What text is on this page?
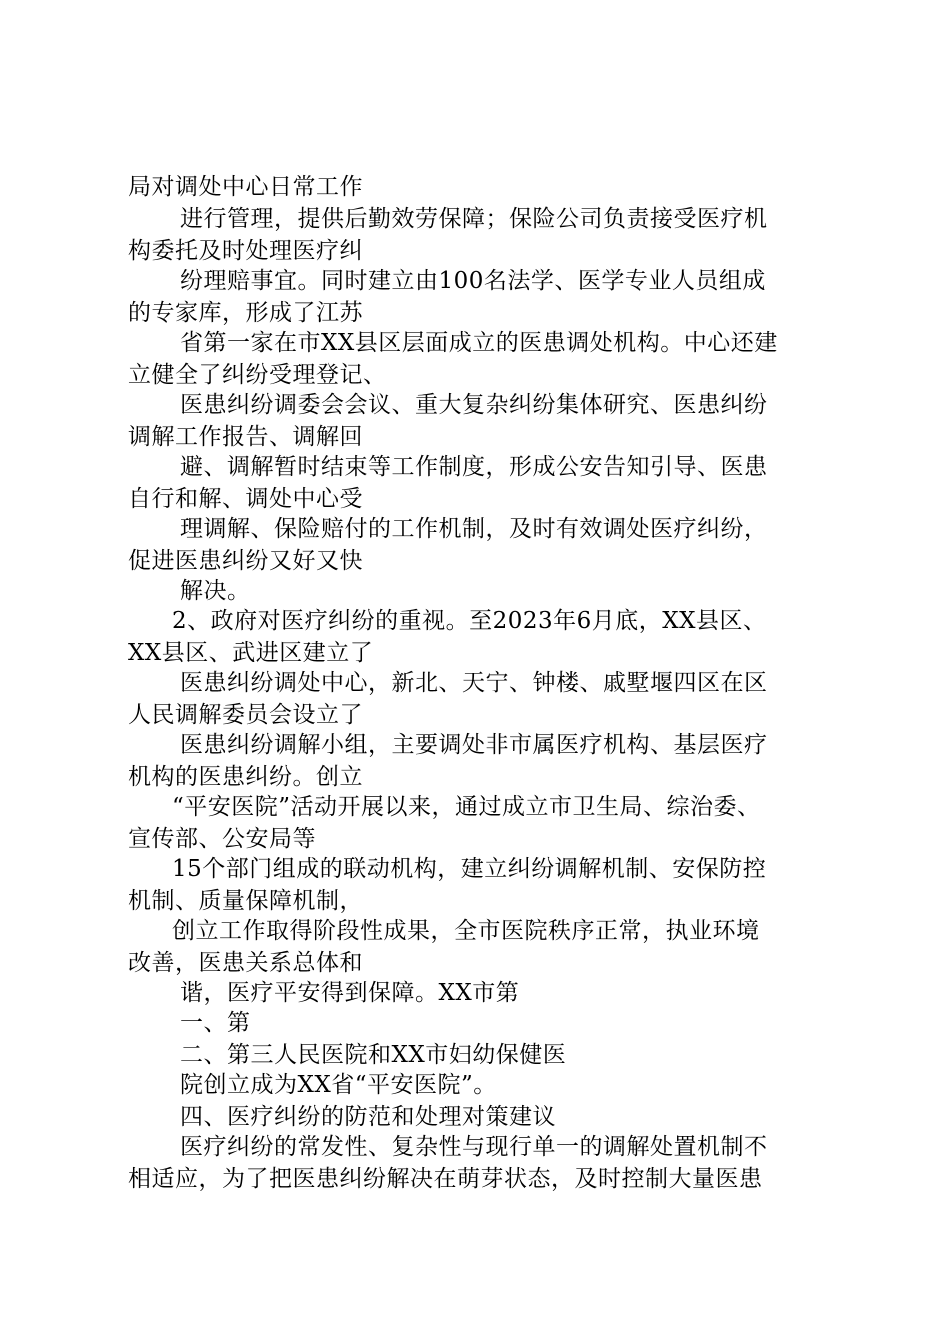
局对调处中心日常工作
进行管理，提供后勤效劳保障；保险公司负责接受医疗机
构委托及时处理医疗纠
纷理赔事宜。同时建立由100名法学、医学专业人员组成
的专家库，形成了江苏
省第一家在市XX县区层面成立的医患调处机构。中心还建
立健全了纠纷受理登记、
医患纠纷调委会会议、重大复杂纠纷集体研究、医患纠纷
调解工作报告、调解回
避、调解暂时结束等工作制度，形成公安告知引导、医患
自行和解、调处中心受
理调解、保险赔付的工作机制，及时有效调处医疗纠纷，
促进医患纠纷又好又快
解决。
2、政府对医疗纠纷的重视。至2023年6月底，XX县区、
XX县区、武进区建立了
医患纠纷调处中心，新北、天宁、钟楼、戚墅堰四区在区
人民调解委员会设立了
医患纠纷调解小组，主要调处非市属医疗机构、基层医疗
机构的医患纠纷。创立
“平安医院”活动开展以来，通过成立市卫生局、综治委、
宣传部、公安局等
15个部门组成的联动机构，建立纠纷调解机制、安保防控
机制、质量保障机制，
创立工作取得阶段性成果，全市医院秩序正常，执业环境
改善，医患关系总体和
谐，医疗平安得到保障。XX市第
一、第
二、第三人民医院和XX市妇幼保健医
院创立成为XX省“平安医院”。
四、医疗纠纷的防范和处理对策建议
医疗纠纷的常发性、复杂性与现行单一的调解处置机制不
相适应，为了把医患纠纷解决在萌芽状态，及时控制大量医患
